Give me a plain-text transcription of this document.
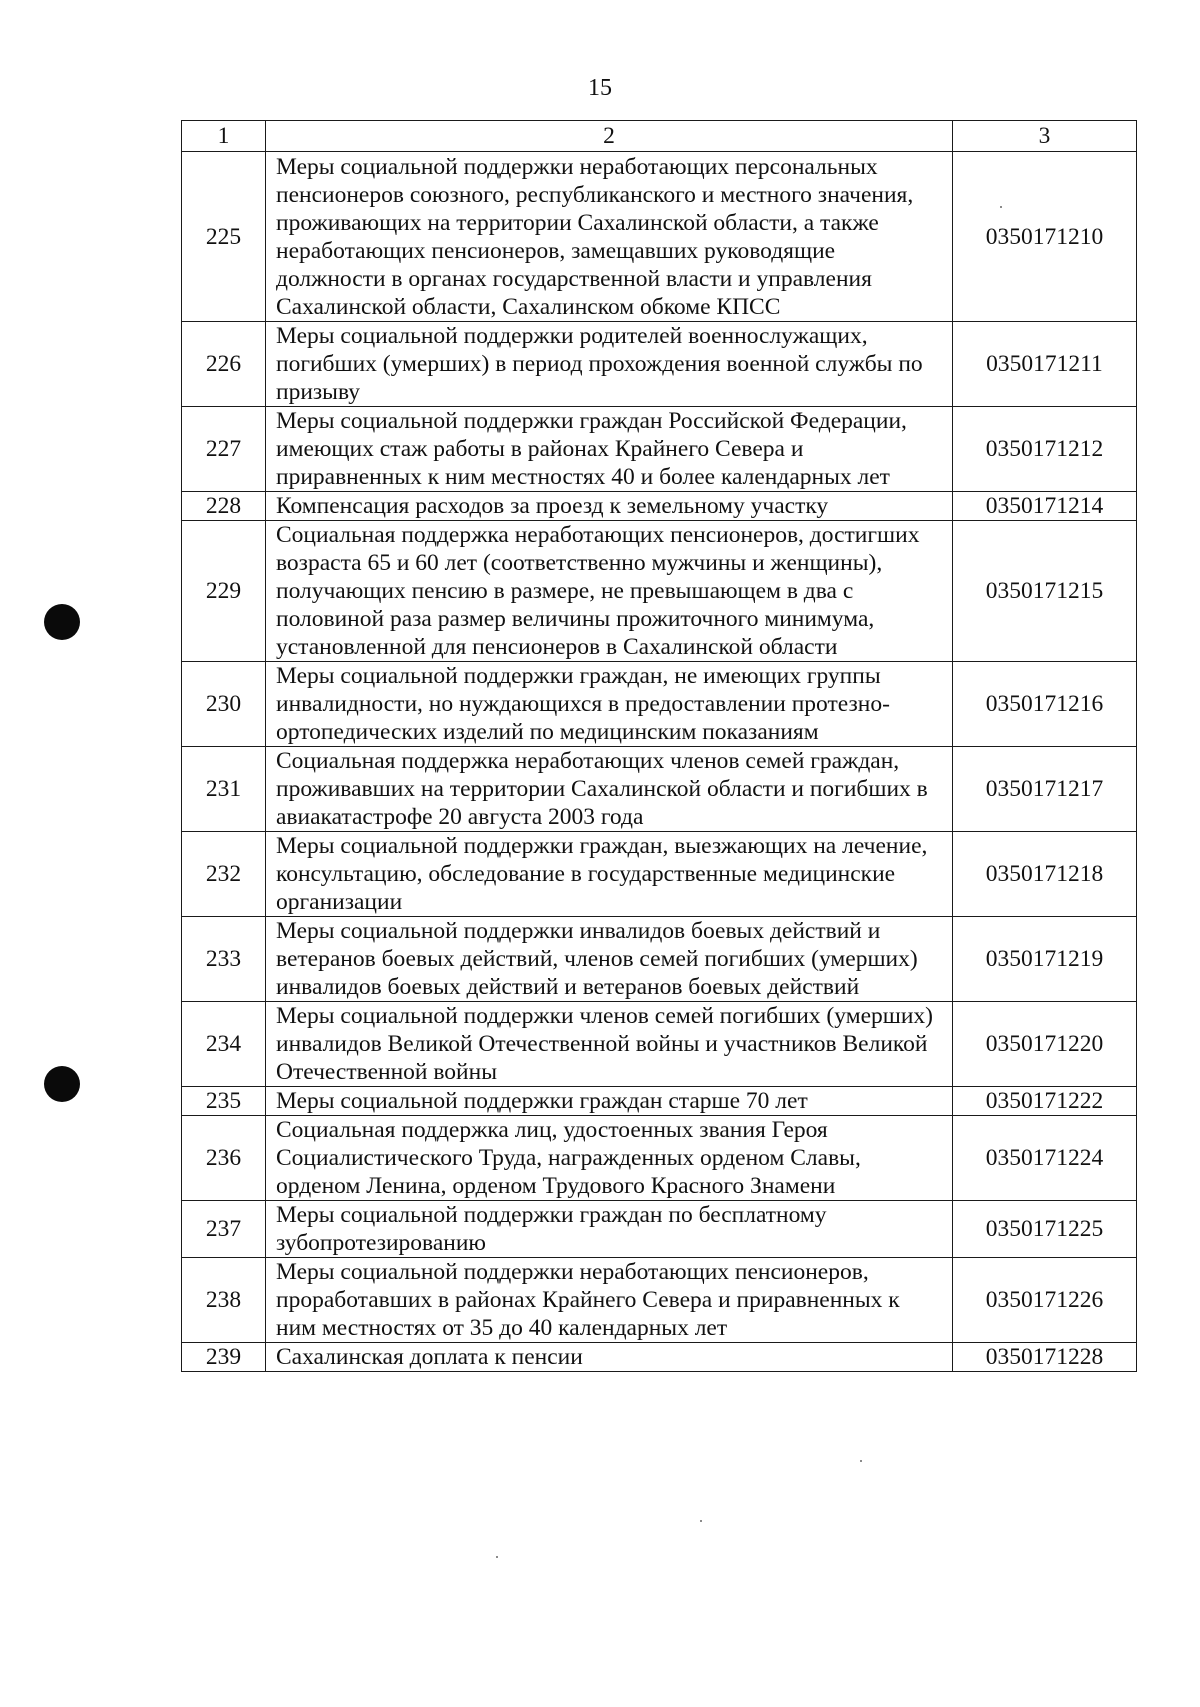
15
1	2	3
225	Меры социальной поддержки неработающих персональных пенсионеров союзного, республиканского и местного значения, проживающих на территории Сахалинской области, а также неработающих пенсионеров, замещавших руководящие должности в органах государственной власти и управления Сахалинской области, Сахалинском обкоме КПСС	0350171210
226	Меры социальной поддержки родителей военнослужащих, погибших (умерших) в период прохождения военной службы по призыву	0350171211
227	Меры социальной поддержки граждан Российской Федерации, имеющих стаж работы в районах Крайнего Севера и приравненных к ним местностях 40 и более календарных лет	0350171212
228	Компенсация расходов за проезд к земельному участку	0350171214
229	Социальная поддержка неработающих пенсионеров, достигших возраста 65 и 60 лет (соответственно мужчины и женщины), получающих пенсию в размере, не превышающем в два с половиной раза размер величины прожиточного минимума, установленной для пенсионеров в Сахалинской области	0350171215
230	Меры социальной поддержки граждан, не имеющих группы инвалидности, но нуждающихся в предоставлении протезно-ортопедических изделий по медицинским показаниям	0350171216
231	Социальная поддержка неработающих членов семей граждан, проживавших на территории Сахалинской области и погибших в авиакатастрофе 20 августа 2003 года	0350171217
232	Меры социальной поддержки граждан, выезжающих на лечение, консультацию, обследование в государственные медицинские организации	0350171218
233	Меры социальной поддержки инвалидов боевых действий и ветеранов боевых действий, членов семей погибших (умерших) инвалидов боевых действий и ветеранов боевых действий	0350171219
234	Меры социальной поддержки членов семей погибших (умерших) инвалидов Великой Отечественной войны и участников Великой Отечественной войны	0350171220
235	Меры социальной поддержки граждан старше 70 лет	0350171222
236	Социальная поддержка лиц, удостоенных звания Героя Социалистического Труда, награжденных орденом Славы, орденом Ленина, орденом Трудового Красного Знамени	0350171224
237	Меры социальной поддержки граждан по бесплатному зубопротезированию	0350171225
238	Меры социальной поддержки неработающих пенсионеров, проработавших в районах Крайнего Севера и приравненных к ним местностях от 35 до 40 календарных лет	0350171226
239	Сахалинская доплата к пенсии	0350171228
